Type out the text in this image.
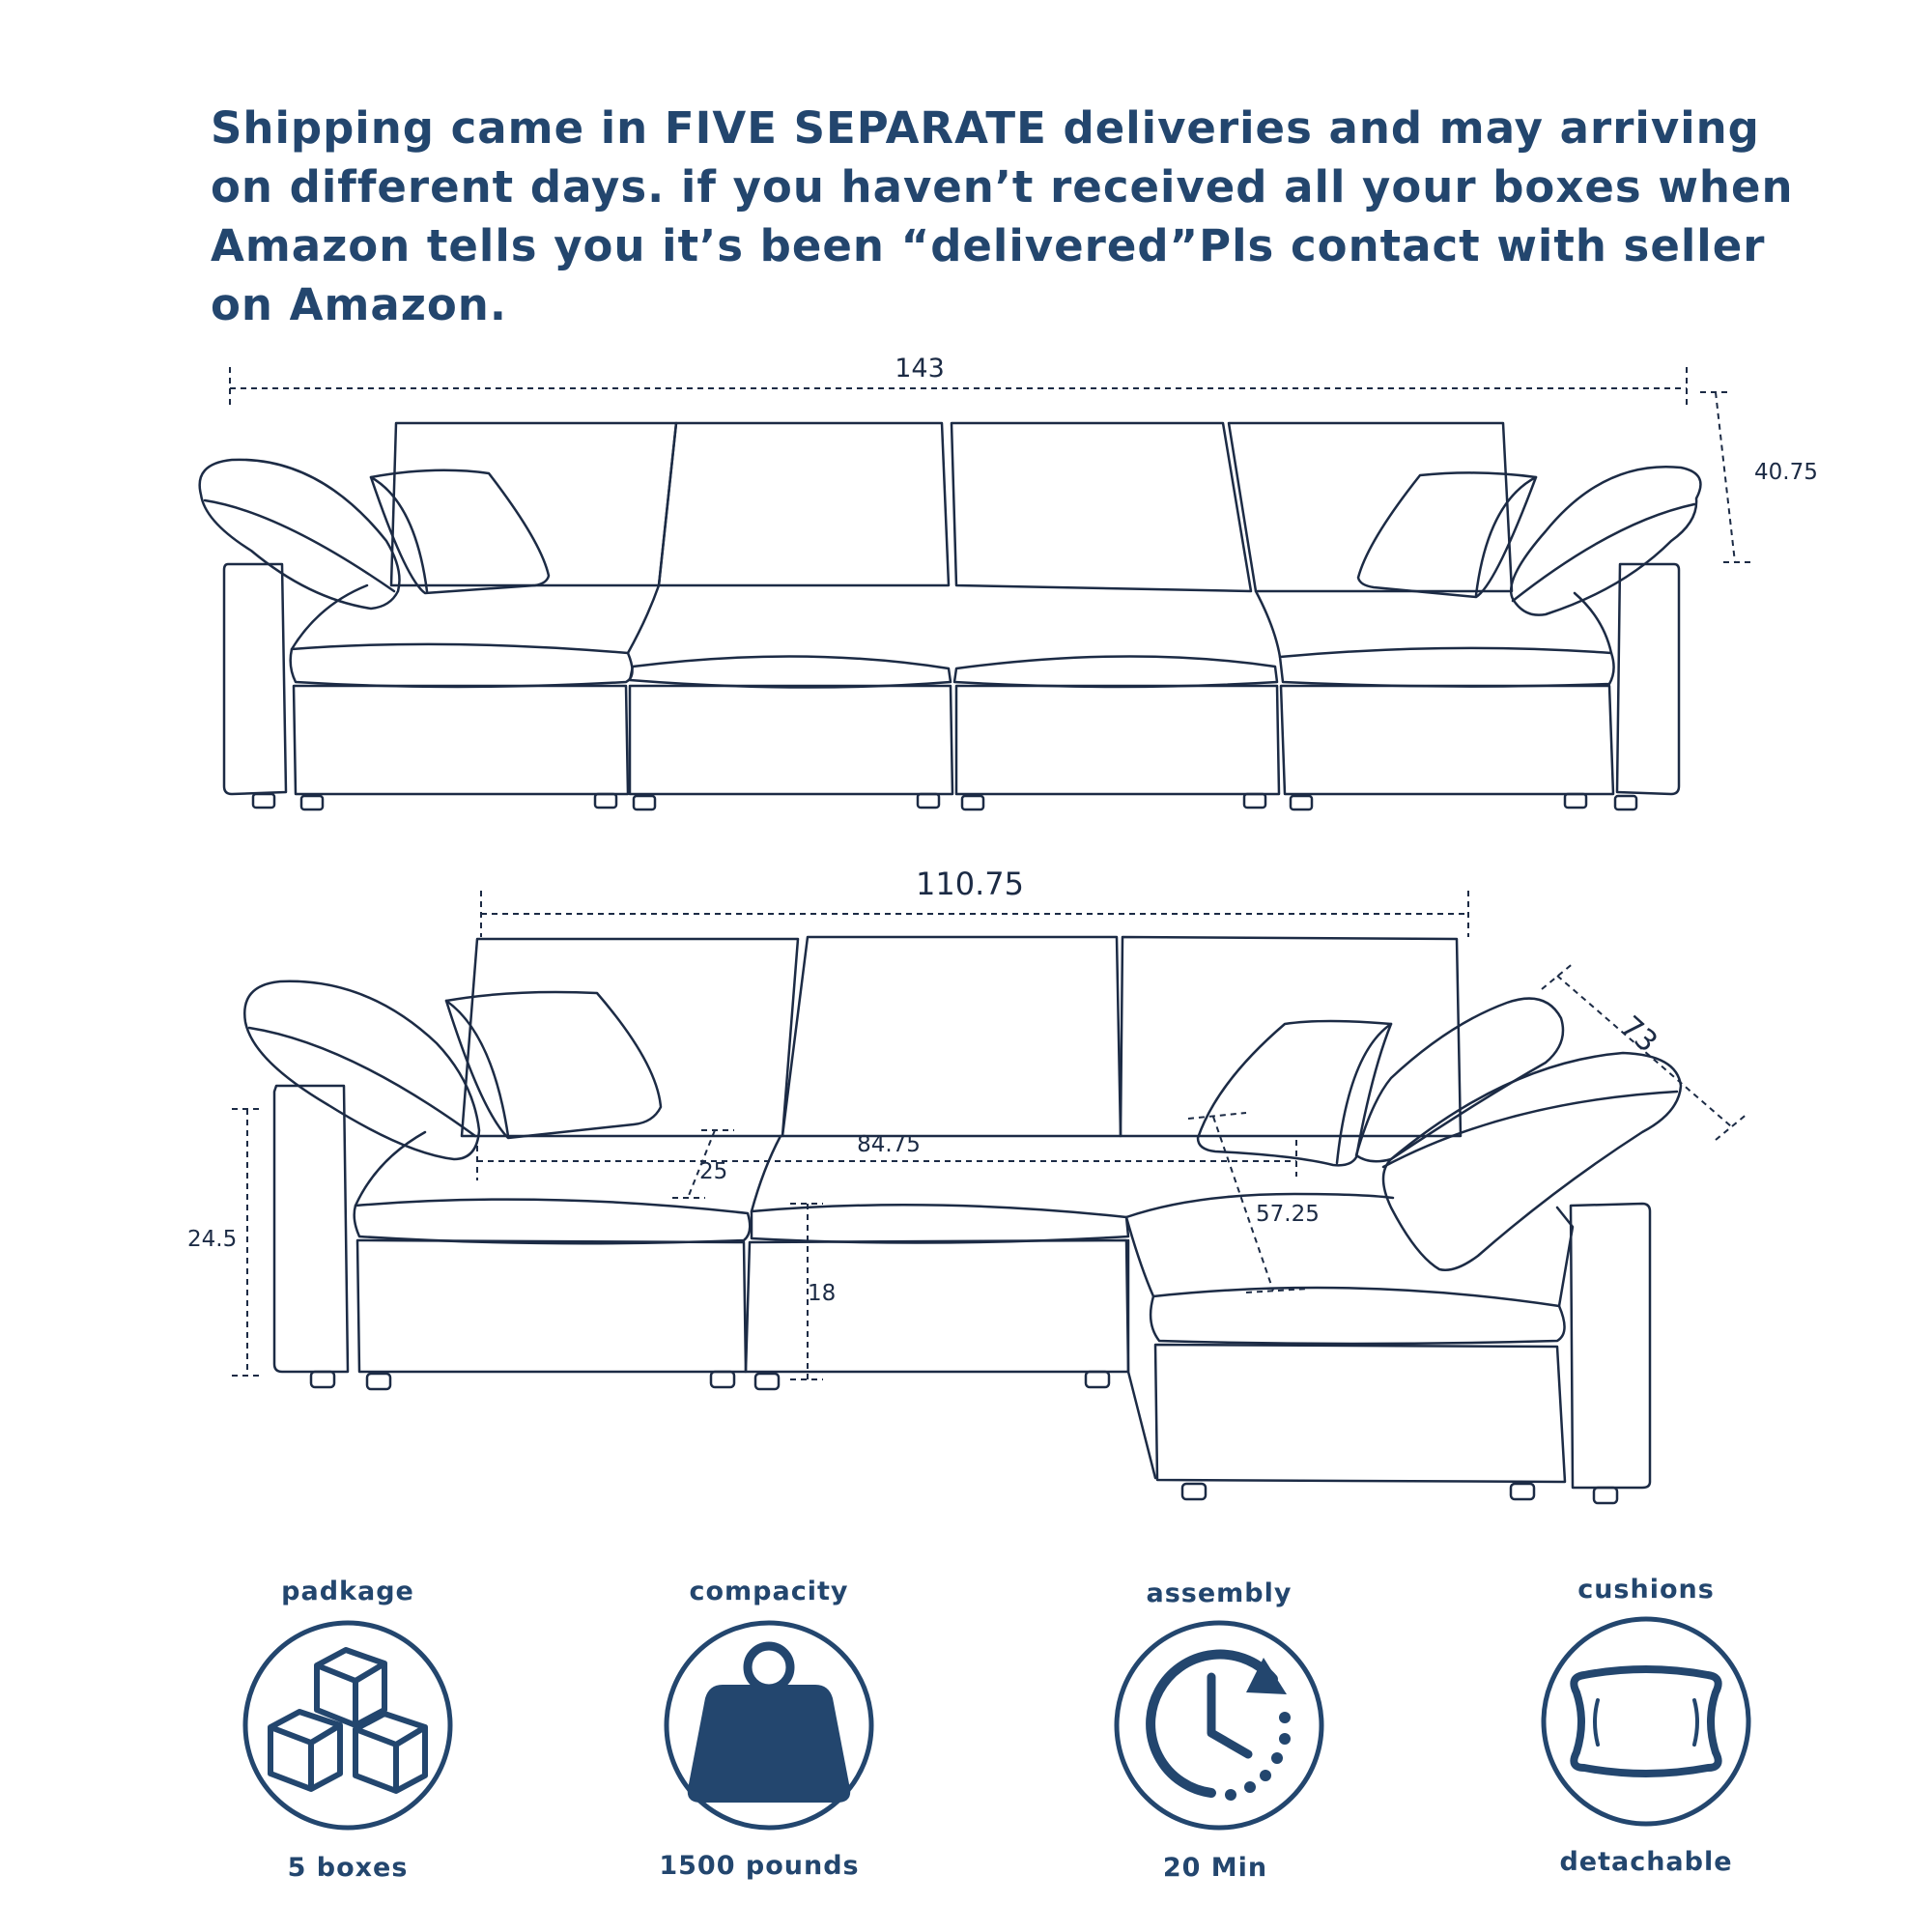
Shipping came in FIVE SEPARATE deliveries and may arriving
on different days. if you haven’t received all your boxes when
Amazon tells you it’s been “delivered”Pls contact with seller
on Amazon.
143
40.75
110.75
73
84.75
25
57.25
24.5
18
padkage
5 boxes
compacity
1500 pounds
assembly
20 Min
cushions
detachable
